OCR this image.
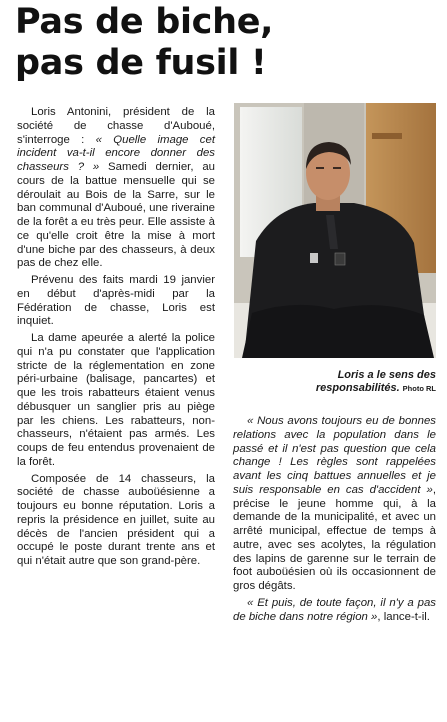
Pas de biche,
pas de fusil !

Loris Antonini, président de la société de chasse d'Auboué, s'interroge : « Quelle image cet incident va-t-il encore donner des chasseurs ? » Samedi dernier, au cours de la battue mensuelle qui se déroulait au Bois de la Sarre, sur le ban communal d'Auboué, une riveraine de la forêt a eu très peur. Elle assiste à ce qu'elle croit être la mise à mort d'une biche par des chasseurs, à deux pas de chez elle.

Prévenu des faits mardi 19 janvier en début d'après-midi par la Fédération de chasse, Loris est inquiet.

La dame apeurée a alerté la police qui n'a pu constater que l'application stricte de la réglementation en zone péri-urbaine (balisage, pancartes) et que les trois rabatteurs étaient venus débusquer un sanglier pris au piège par les chiens. Les rabatteurs, non-chasseurs, n'étaient pas armés. Les coups de feu entendus provenaient de la forêt.

Composée de 14 chasseurs, la société de chasse auboüésienne a toujours eu bonne réputation. Loris a repris la présidence en juillet, suite au décès de l'ancien président qui a occupé le poste durant trente ans et qui n'était autre que son grand-père.

Loris a le sens des responsabilités. Photo RL

« Nous avons toujours eu de bonnes relations avec la population dans le passé et il n'est pas question que cela change ! Les règles sont rappelées avant les cinq battues annuelles et je suis responsable en cas d'accident », précise le jeune homme qui, à la demande de la municipalité, et avec un arrêté municipal, effectue de temps à autre, avec ses acolytes, la régulation des lapins de garenne sur le terrain de foot auboüésien où ils occasionnent de gros dégâts.

« Et puis, de toute façon, il n'y a pas de biche dans notre région », lance-t-il.
